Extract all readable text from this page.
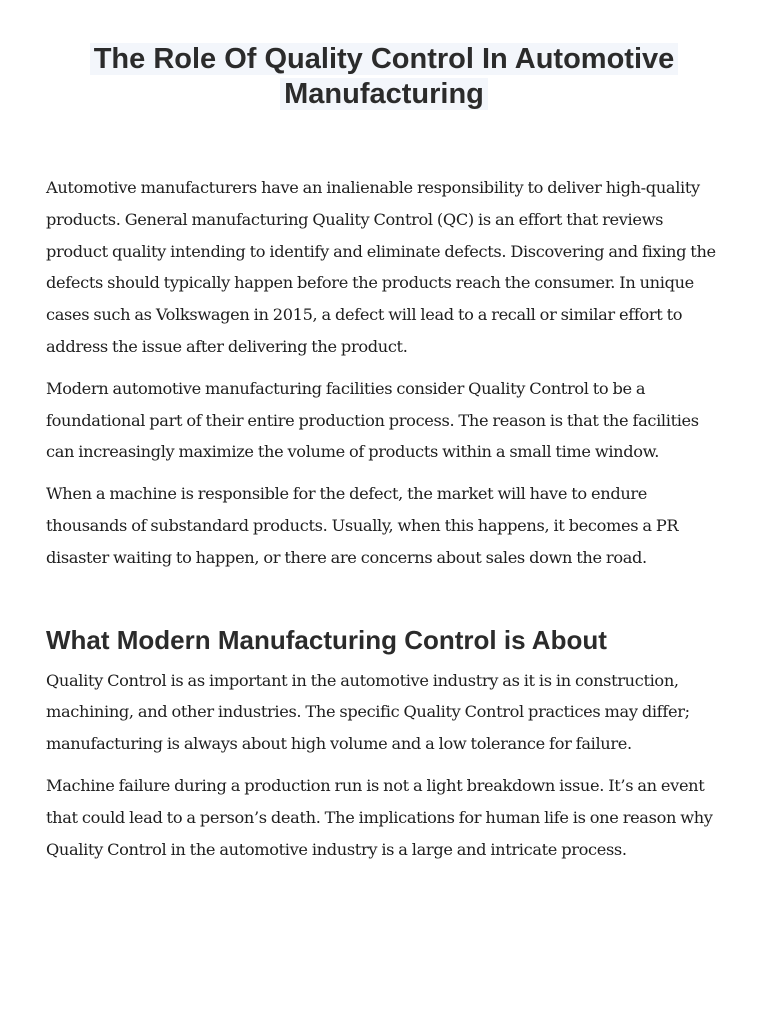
The Role Of Quality Control In Automotive Manufacturing

Automotive manufacturers have an inalienable responsibility to deliver high-quality products. General manufacturing Quality Control (QC) is an effort that reviews product quality intending to identify and eliminate defects. Discovering and fixing the defects should typically happen before the products reach the consumer. In unique cases such as Volkswagen in 2015, a defect will lead to a recall or similar effort to address the issue after delivering the product.

Modern automotive manufacturing facilities consider Quality Control to be a foundational part of their entire production process. The reason is that the facilities can increasingly maximize the volume of products within a small time window.

When a machine is responsible for the defect, the market will have to endure thousands of substandard products. Usually, when this happens, it becomes a PR disaster waiting to happen, or there are concerns about sales down the road.

What Modern Manufacturing Control is About

Quality Control is as important in the automotive industry as it is in construction, machining, and other industries. The specific Quality Control practices may differ; manufacturing is always about high volume and a low tolerance for failure.

Machine failure during a production run is not a light breakdown issue. It’s an event that could lead to a person’s death. The implications for human life is one reason why Quality Control in the automotive industry is a large and intricate process.
